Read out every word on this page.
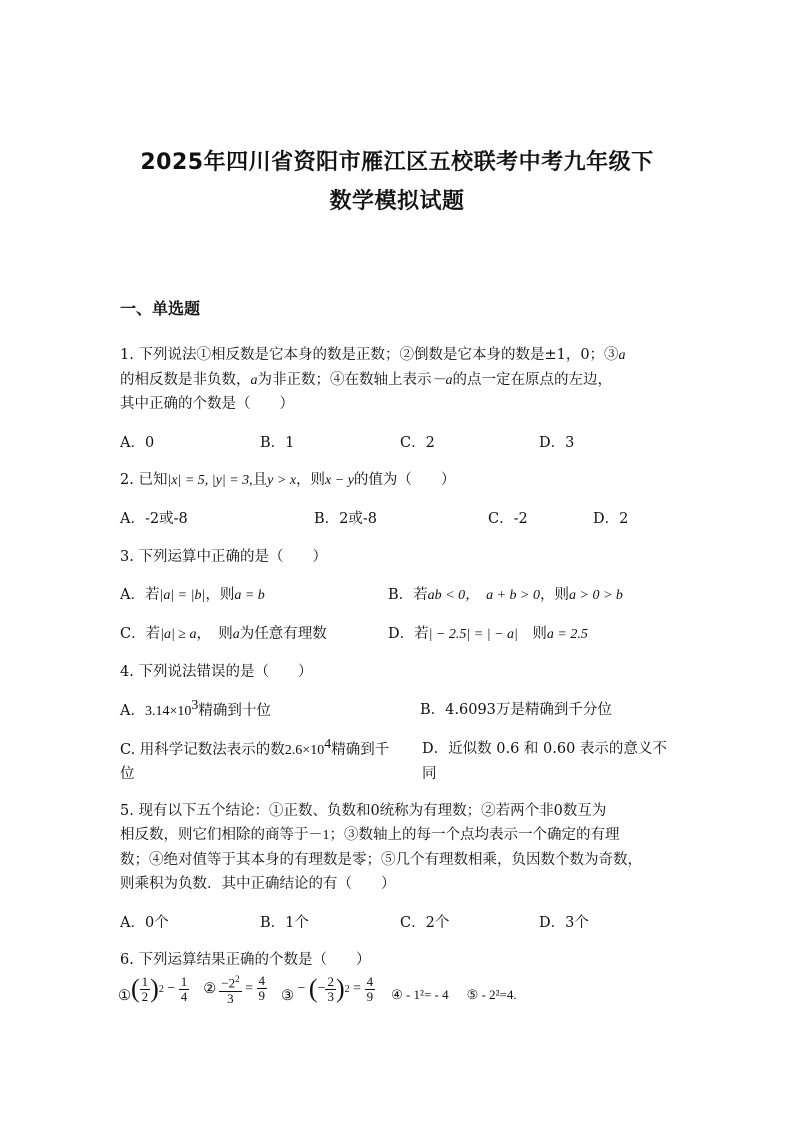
2025年四川省资阳市雁江区五校联考中考九年级下
数学模拟试题
一、单选题
1. 下列说法①相反数是它本身的数是正数；②倒数是它本身的数是±1，0；③a
的相反数是非负数，a为非正数；④在数轴上表示－a的点一定在原点的左边，
其中正确的个数是（　　）
A．0	B．1	C．2	D．3
2. 已知|x| = 5, |y| = 3,且y > x，则x − y的值为（　　）
A．-2或-8	B．2或-8	C．-2	D．2
3. 下列运算中正确的是（　　）
A．若|a| = |b|，则a = b	B．若ab < 0，　a + b > 0，则a > 0 > b
C．若|a| ≥ a，　则a为任意有理数	D．若| − 2.5| = | − a|　则a = 2.5
4. 下列说法错误的是（　　）
A．$3.14\times 10^3$精确到十位	B．4.6093万是精确到千分位
C. 用科学记数法表示的数$2.6\times 10^4$精确到千
位
D．近似数 0.6 和 0.60 表示的意义不
同
5. 现有以下五个结论：①正数、负数和0统称为有理数；②若两个非0数互为
相反数，则它们相除的商等于－1；③数轴上的每一个点均表示一个确定的有理
数；④绝对值等于其本身的有理数是零；⑤几个有理数相乘，负因数个数为奇数，
则乘积为负数．其中正确结论的有（　　）
A．0个	B．1个	C．2个	D．3个
6. 下列运算结果正确的个数是（　　）
① ( $\frac{1}{2}$ ) $2 - \frac{1}{4}$ ② $\frac{-2^2}{3} = \frac{4}{9}$ ③ − ( − $\frac{2}{3}$ ) $2 = \frac{4}{9}$ ④ - 1²= - 4 ⑤ - 2²=4.
